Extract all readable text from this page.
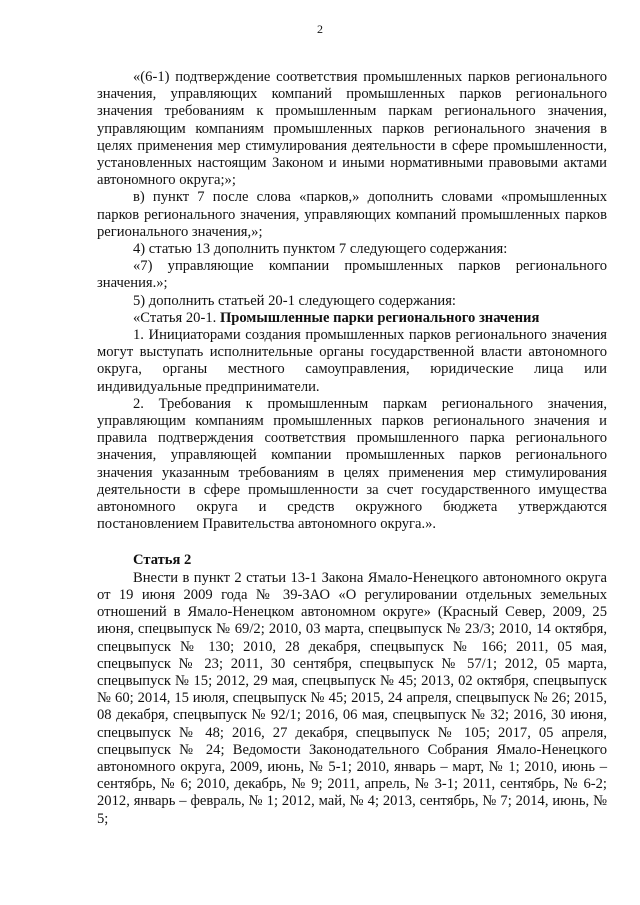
2

«(6-1) подтверждение соответствия промышленных парков регионального значения, управляющих компаний промышленных парков регионального значения требованиям к промышленным паркам регионального значения, управляющим компаниям промышленных парков регионального значения в целях применения мер стимулирования деятельности в сфере промышленности, установленных настоящим Законом и иными нормативными правовыми актами автономного округа;»;

в) пункт 7 после слова «парков,» дополнить словами «промышленных парков регионального значения, управляющих компаний промышленных парков регионального значения,»;

4) статью 13 дополнить пунктом 7 следующего содержания:

«7) управляющие компании промышленных парков регионального значения.»;

5) дополнить статьей 20-1 следующего содержания:

«Статья 20-1. Промышленные парки регионального значения

1. Инициаторами создания промышленных парков регионального значения могут выступать исполнительные органы государственной власти автономного округа, органы местного самоуправления, юридические лица или индивидуальные предприниматели.

2. Требования к промышленным паркам регионального значения, управляющим компаниям промышленных парков регионального значения и правила подтверждения соответствия промышленного парка регионального значения, управляющей компании промышленных парков регионального значения указанным требованиям в целях применения мер стимулирования деятельности в сфере промышленности за счет государственного имущества автономного округа и средств окружного бюджета утверждаются постановлением Правительства автономного округа.».

Статья 2

Внести в пункт 2 статьи 13-1 Закона Ямало-Ненецкого автономного округа от 19 июня 2009 года № 39-ЗАО «О регулировании отдельных земельных отношений в Ямало-Ненецком автономном округе» (Красный Север, 2009, 25 июня, спецвыпуск № 69/2; 2010, 03 марта, спецвыпуск № 23/3; 2010, 14 октября, спецвыпуск № 130; 2010, 28 декабря, спецвыпуск № 166; 2011, 05 мая, спецвыпуск № 23; 2011, 30 сентября, спецвыпуск № 57/1; 2012, 05 марта, спецвыпуск № 15; 2012, 29 мая, спецвыпуск № 45; 2013, 02 октября, спецвыпуск № 60; 2014, 15 июля, спецвыпуск № 45; 2015, 24 апреля, спецвыпуск № 26; 2015, 08 декабря, спецвыпуск № 92/1; 2016, 06 мая, спецвыпуск № 32; 2016, 30 июня, спецвыпуск № 48; 2016, 27 декабря, спецвыпуск № 105; 2017, 05 апреля, спецвыпуск № 24; Ведомости Законодательного Собрания Ямало-Ненецкого автономного округа, 2009, июнь, № 5-1; 2010, январь – март, № 1; 2010, июнь – сентябрь, № 6; 2010, декабрь, № 9; 2011, апрель, № 3-1; 2011, сентябрь, № 6-2; 2012, январь – февраль, № 1; 2012, май, № 4; 2013, сентябрь, № 7; 2014, июнь, № 5;
